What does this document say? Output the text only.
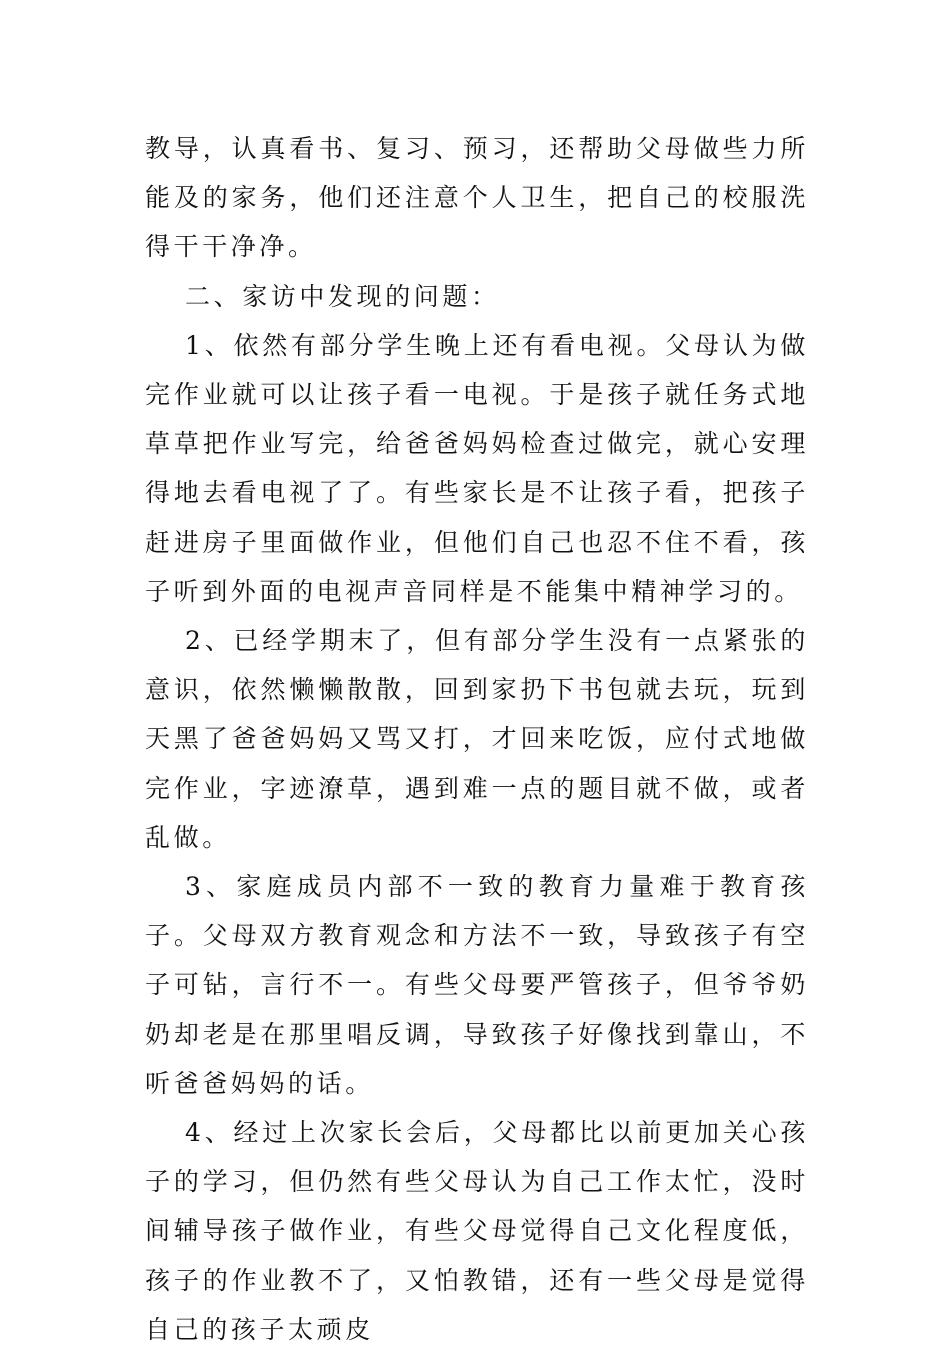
教导，认真看书、复习、预习，还帮助父母做些力所能及的家务，他们还注意个人卫生，把自己的校服洗得干干净净。

二、家访中发现的问题：

1、依然有部分学生晚上还有看电视。父母认为做完作业就可以让孩子看一电视。于是孩子就任务式地草草把作业写完，给爸爸妈妈检查过做完，就心安理得地去看电视了了。有些家长是不让孩子看，把孩子赶进房子里面做作业，但他们自己也忍不住不看，孩子听到外面的电视声音同样是不能集中精神学习的。

2、已经学期末了，但有部分学生没有一点紧张的意识，依然懒懒散散，回到家扔下书包就去玩，玩到天黑了爸爸妈妈又骂又打，才回来吃饭，应付式地做完作业，字迹潦草，遇到难一点的题目就不做，或者乱做。

3、家庭成员内部不一致的教育力量难于教育孩子。父母双方教育观念和方法不一致，导致孩子有空子可钻，言行不一。有些父母要严管孩子，但爷爷奶奶却老是在那里唱反调，导致孩子好像找到靠山，不听爸爸妈妈的话。

4、经过上次家长会后，父母都比以前更加关心孩子的学习，但仍然有些父母认为自己工作太忙，没时间辅导孩子做作业，有些父母觉得自己文化程度低，孩子的作业教不了，又怕教错，还有一些父母是觉得自己的孩子太顽皮
